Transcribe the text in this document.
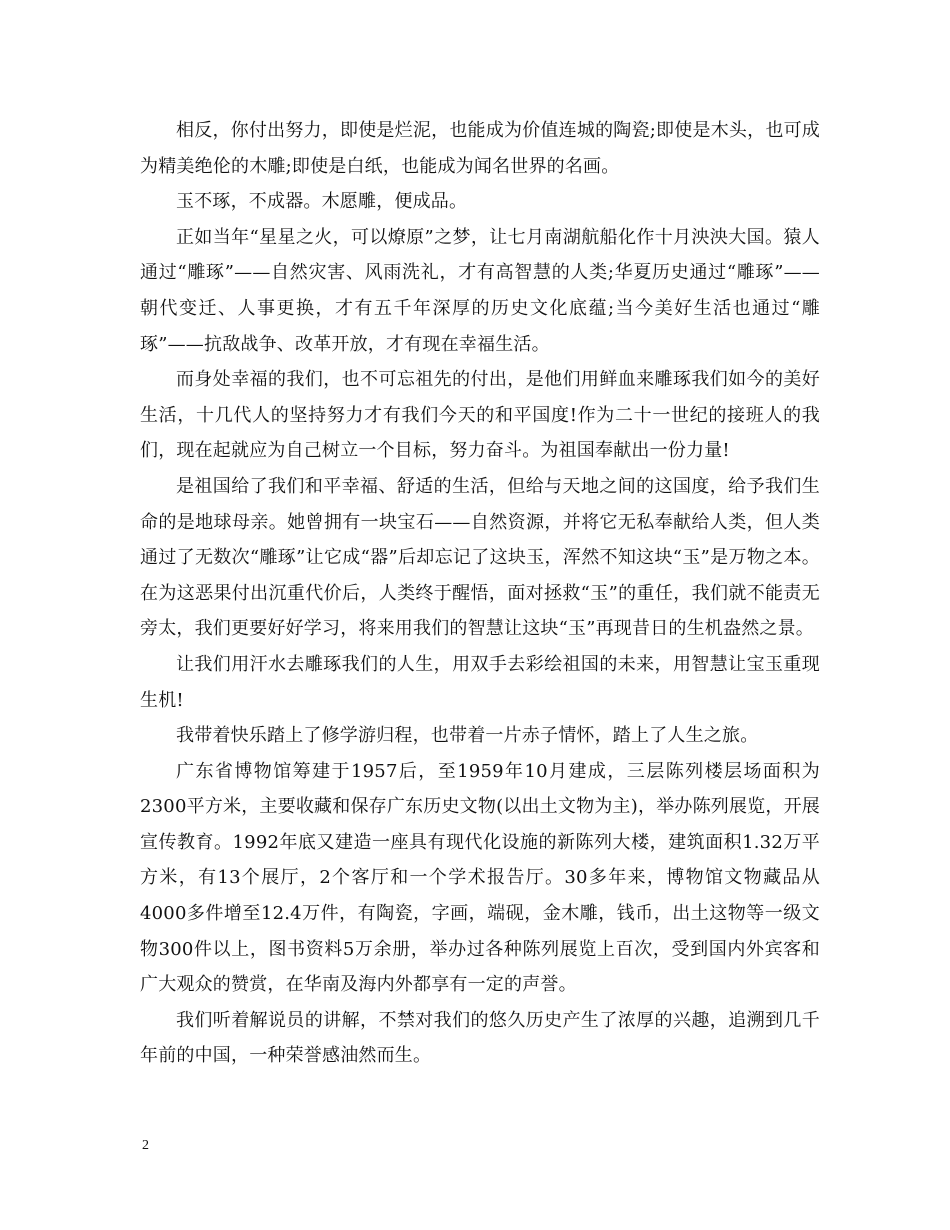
相反，你付出努力，即使是烂泥，也能成为价值连城的陶瓷;即使是木头，也可成为精美绝伦的木雕;即使是白纸，也能成为闻名世界的名画。

玉不琢，不成器。木愿雕，便成品。

正如当年“星星之火，可以燎原”之梦，让七月南湖航船化作十月泱泱大国。猿人通过“雕琢”——自然灾害、风雨洗礼，才有高智慧的人类;华夏历史通过“雕琢”——朝代变迁、人事更换，才有五千年深厚的历史文化底蕴;当今美好生活也通过“雕琢”——抗敌战争、改革开放，才有现在幸福生活。

而身处幸福的我们，也不可忘祖先的付出，是他们用鲜血来雕琢我们如今的美好生活，十几代人的坚持努力才有我们今天的和平国度!作为二十一世纪的接班人的我们，现在起就应为自己树立一个目标，努力奋斗。为祖国奉献出一份力量!

是祖国给了我们和平幸福、舒适的生活，但给与天地之间的这国度，给予我们生命的是地球母亲。她曾拥有一块宝石——自然资源，并将它无私奉献给人类，但人类通过了无数次“雕琢”让它成“器”后却忘记了这块玉，浑然不知这块“玉”是万物之本。在为这恶果付出沉重代价后，人类终于醒悟，面对拯救“玉”的重任，我们就不能责无旁太，我们更要好好学习，将来用我们的智慧让这块“玉”再现昔日的生机盎然之景。

让我们用汗水去雕琢我们的人生，用双手去彩绘祖国的未来，用智慧让宝玉重现生机!

我带着快乐踏上了修学游归程，也带着一片赤子情怀，踏上了人生之旅。

广东省博物馆筹建于1957后，至1959年10月建成，三层陈列楼层场面积为2300平方米，主要收藏和保存广东历史文物(以出土文物为主)，举办陈列展览，开展宣传教育。1992年底又建造一座具有现代化设施的新陈列大楼，建筑面积1.32万平方米，有13个展厅，2个客厅和一个学术报告厅。30多年来，博物馆文物藏品从4000多件增至12.4万件，有陶瓷，字画，端砚，金木雕，钱币，出土这物等一级文物300件以上，图书资料5万余册，举办过各种陈列展览上百次，受到国内外宾客和广大观众的赞赏，在华南及海内外都享有一定的声誉。

我们听着解说员的讲解，不禁对我们的悠久历史产生了浓厚的兴趣，追溯到几千年前的中国，一种荣誉感油然而生。

2
